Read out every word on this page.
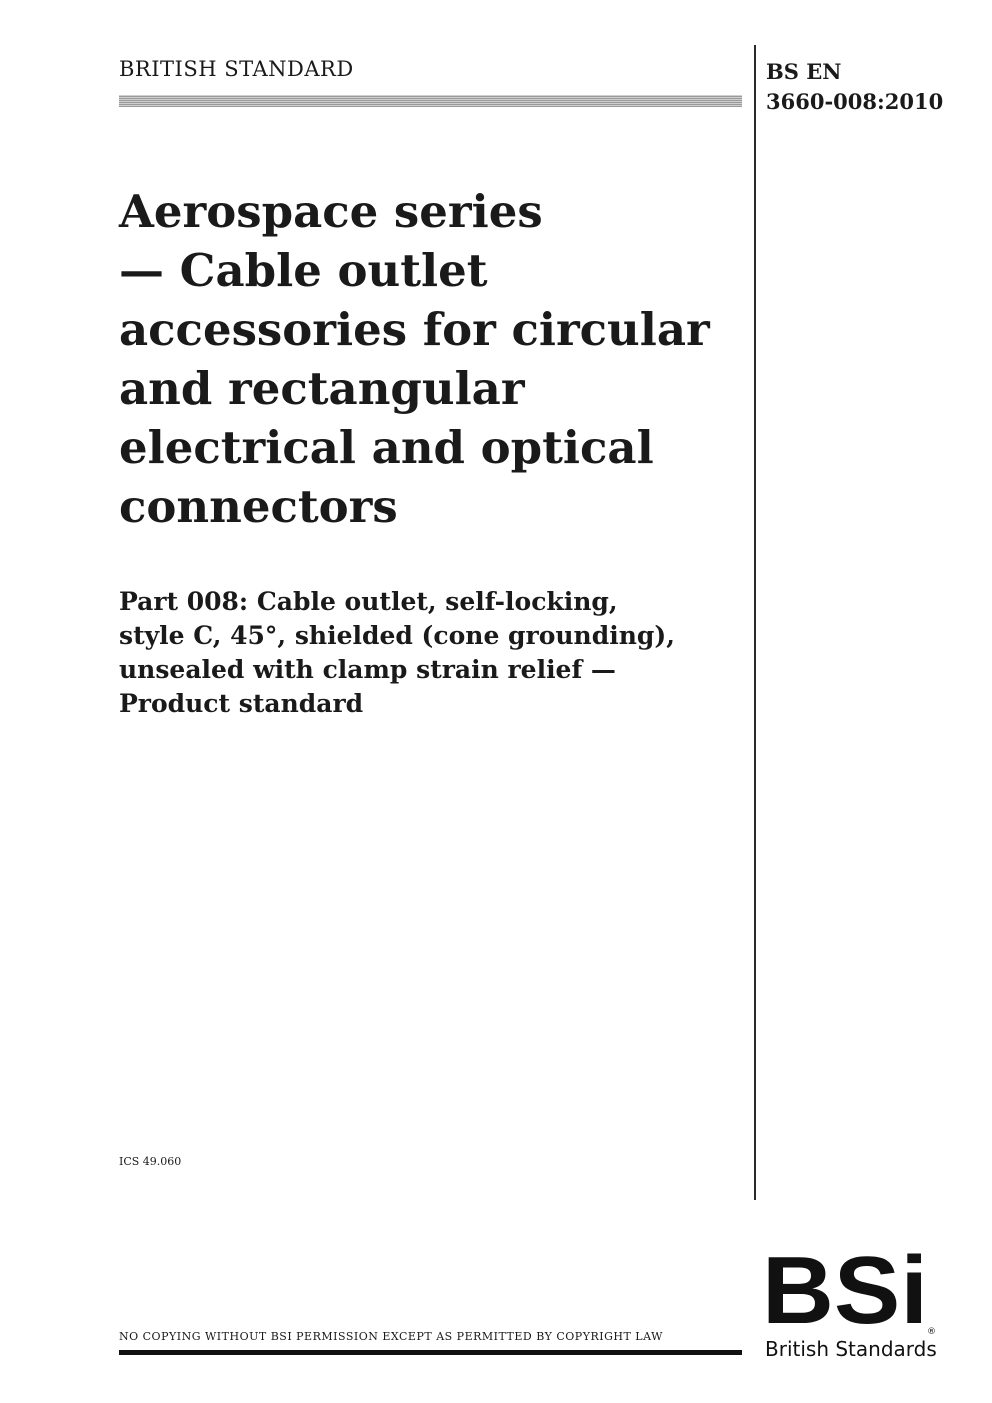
BRITISH STANDARD	BS EN
3660-008:2010
Aerospace series
— Cable outlet
accessories for circular
and rectangular
electrical and optical
connectors
Part 008: Cable outlet, self-locking,
style C, 45°, shielded (cone grounding),
unsealed with clamp strain relief —
Product standard
ICS 49.060
NO COPYING WITHOUT BSI PERMISSION EXCEPT AS PERMITTED BY COPYRIGHT LAW BSi ®
British Standards
